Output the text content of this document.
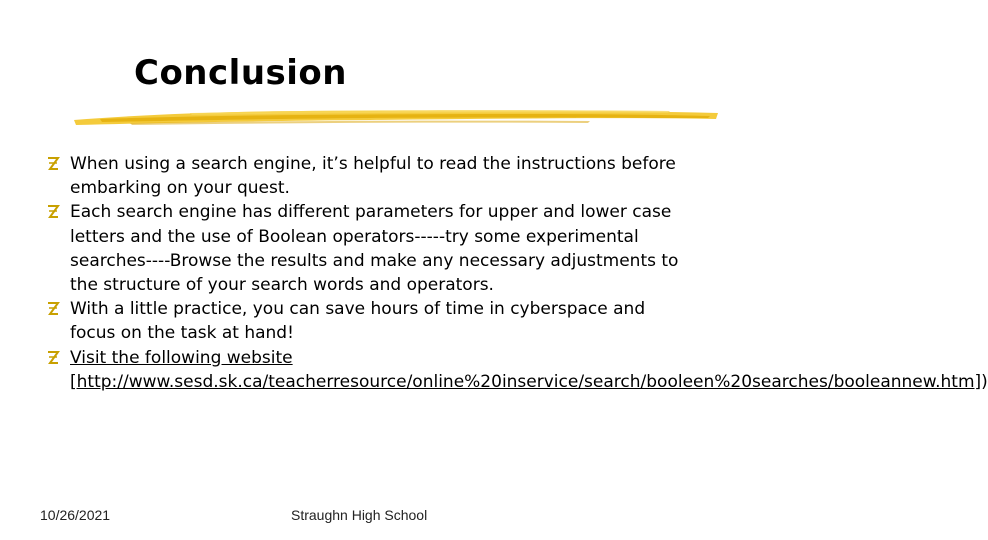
Conclusion
When using a search engine, it’s helpful to read the instructions before embarking on your quest.
Each search engine has different parameters for upper and lower case letters and the use of Boolean operators-----try some experimental searches----Browse the results and make any necessary adjustments to the structure of your search words and operators.
With a little practice, you can save hours of time in cyberspace and focus on the task at hand!
Visit the following website [http://www.sesd.sk.ca/teacherresource/online%20inservice/search/booleen%20searches/booleannew.htm])
10/26/2021	Straughn High School
